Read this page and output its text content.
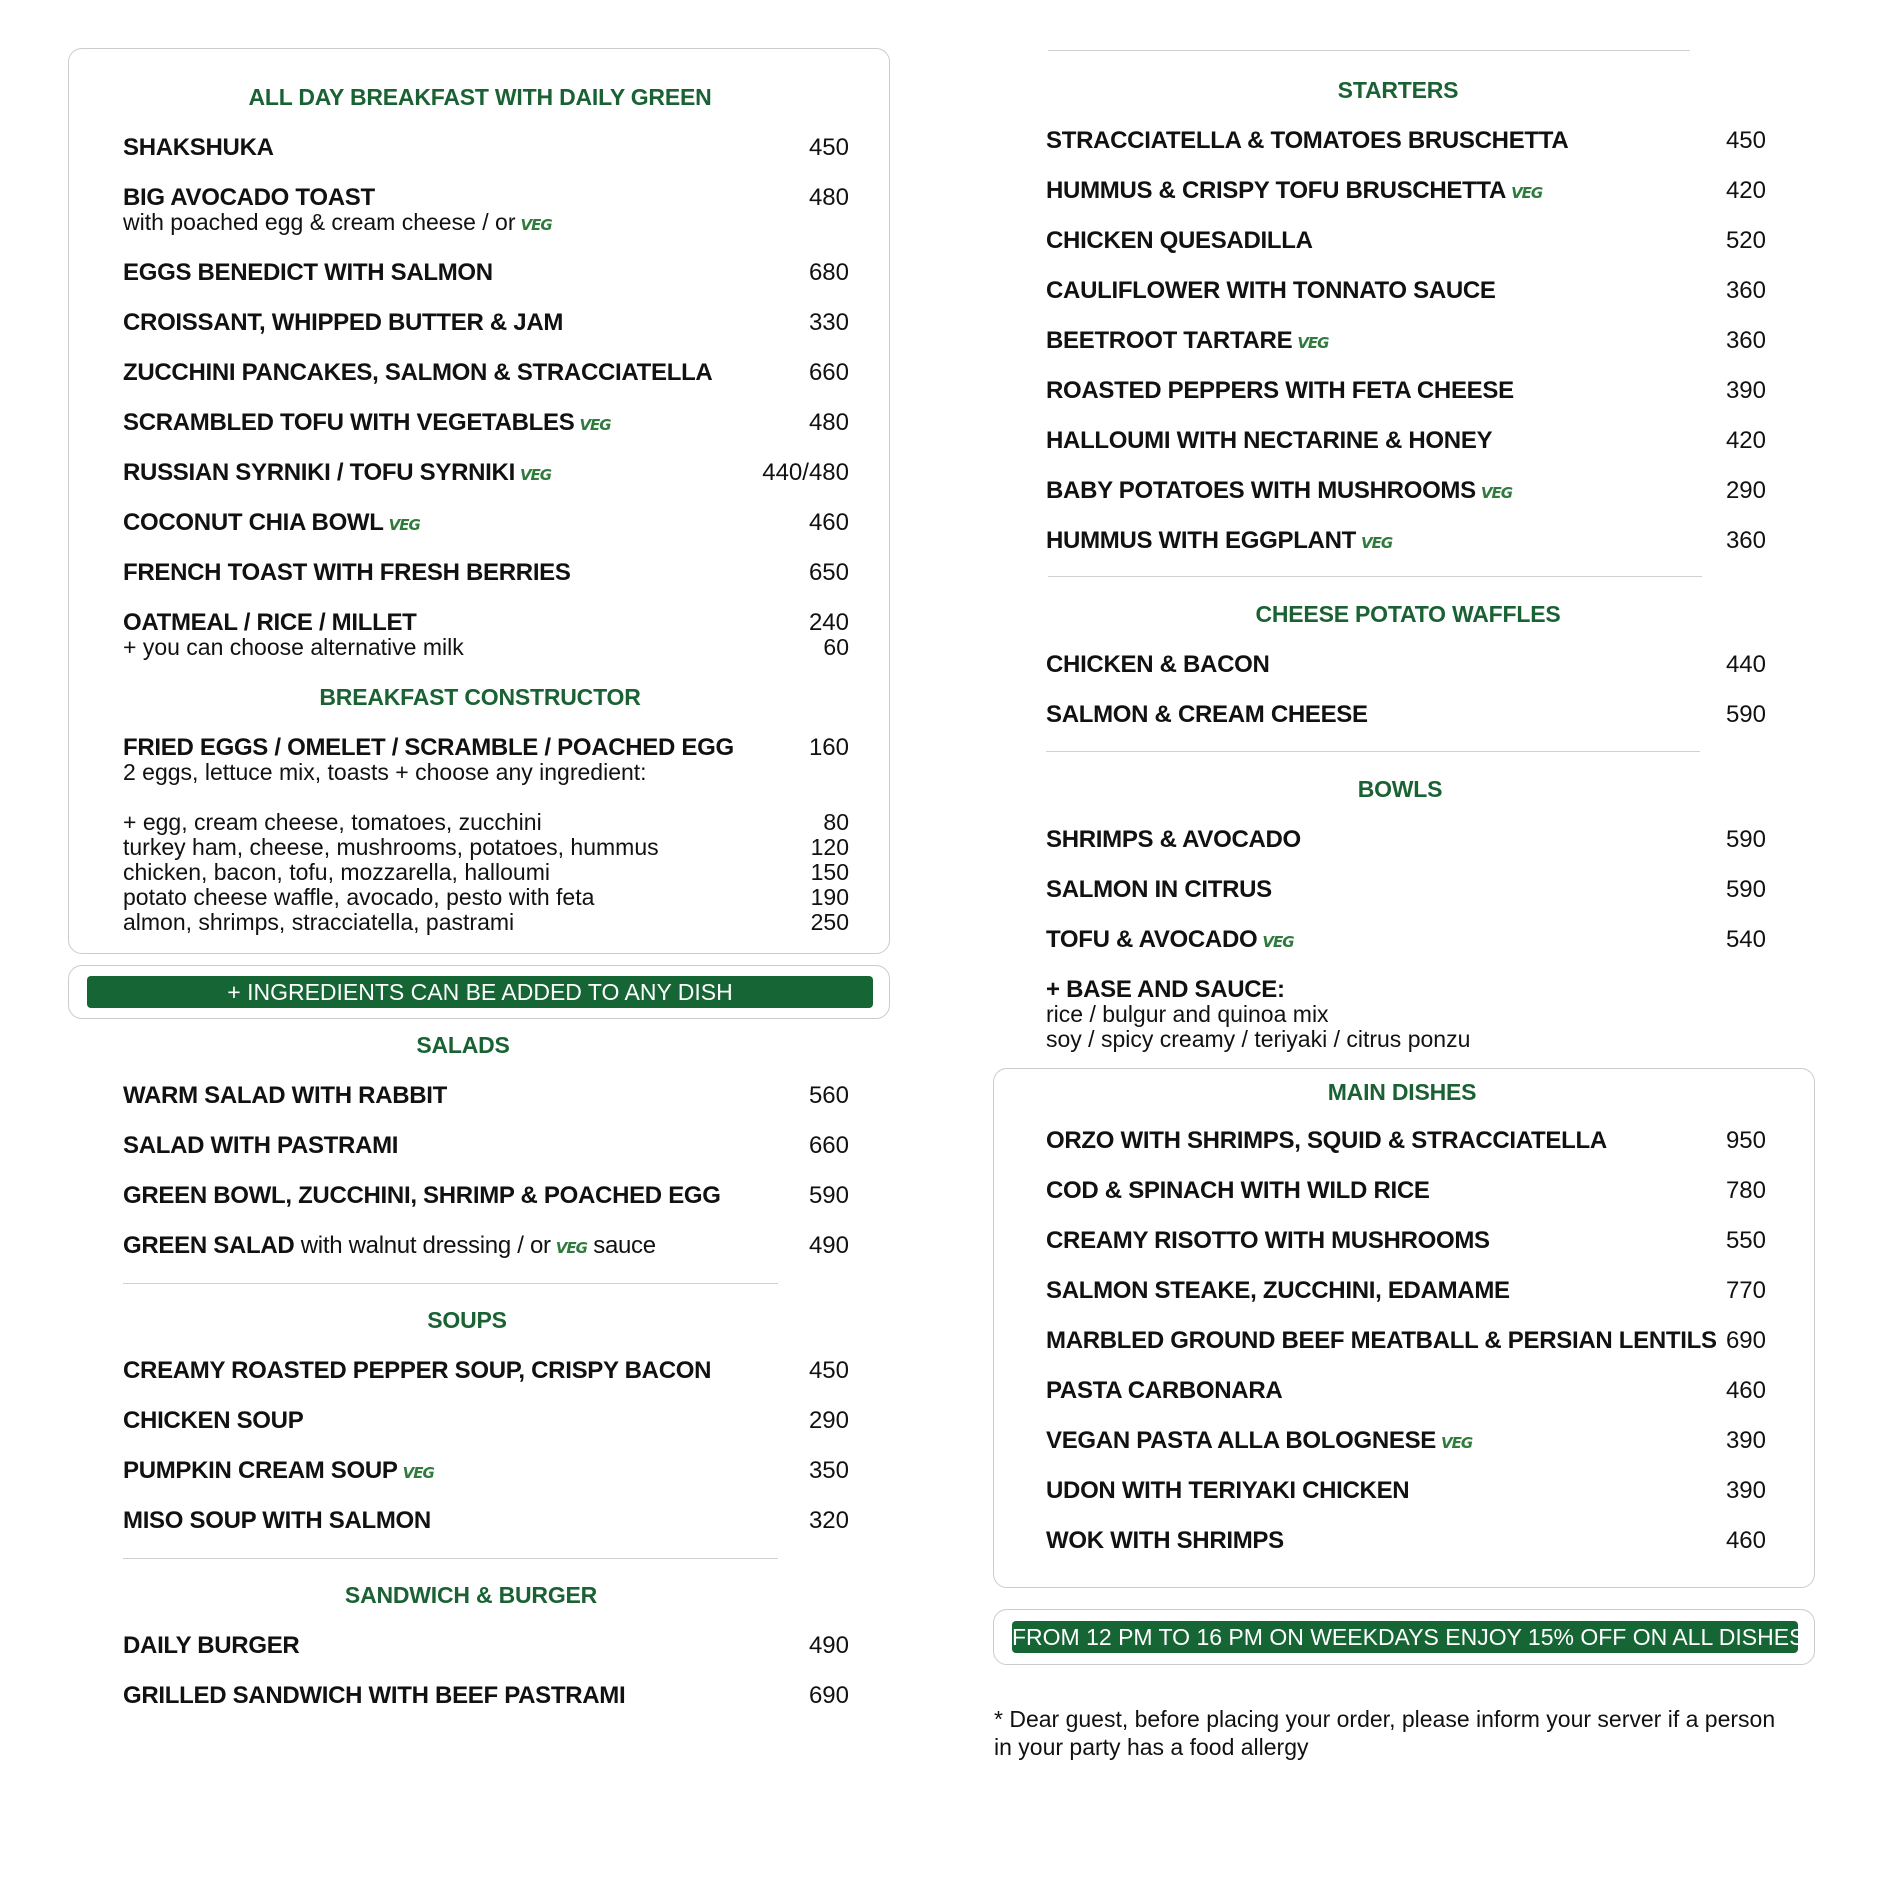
ALL DAY BREAKFAST WITH DAILY GREEN
SHAKSHUKA	450
BIG AVOCADO TOAST	480
with poached egg & cream cheese / or VEG
EGGS BENEDICT WITH SALMON	680
CROISSANT, WHIPPED BUTTER & JAM	330
ZUCCHINI PANCAKES, SALMON & STRACCIATELLA	660
SCRAMBLED TOFU WITH VEGETABLES VEG	480
RUSSIAN SYRNIKI / TOFU SYRNIKI VEG	440/480
COCONUT CHIA BOWL VEG	460
FRENCH TOAST WITH FRESH BERRIES	650
OATMEAL / RICE / MILLET	240
+ you can choose alternative milk	60
BREAKFAST CONSTRUCTOR
FRIED EGGS / OMELET / SCRAMBLE / POACHED EGG	160
2 eggs, lettuce mix, toasts + choose any ingredient:
+ egg, cream cheese, tomatoes, zucchini	80
turkey ham, cheese, mushrooms, potatoes, hummus	120
chicken, bacon, tofu, mozzarella, halloumi	150
potato cheese waffle, avocado, pesto with feta	190
almon, shrimps, stracciatella, pastrami	250
+ INGREDIENTS CAN BE ADDED TO ANY DISH
SALADS
WARM SALAD WITH RABBIT	560
SALAD WITH PASTRAMI	660
GREEN BOWL, ZUCCHINI, SHRIMP & POACHED EGG	590
GREEN SALAD with walnut dressing / or VEG sauce	490
SOUPS
CREAMY ROASTED PEPPER SOUP, CRISPY BACON	450
CHICKEN SOUP	290
PUMPKIN CREAM SOUP VEG	350
MISO SOUP WITH SALMON	320
SANDWICH & BURGER
DAILY BURGER	490
GRILLED SANDWICH WITH BEEF PASTRAMI	690
STARTERS
STRACCIATELLA & TOMATOES BRUSCHETTA	450
HUMMUS & CRISPY TOFU BRUSCHETTA VEG	420
CHICKEN QUESADILLA	520
CAULIFLOWER WITH TONNATO SAUCE	360
BEETROOT TARTARE VEG	360
ROASTED PEPPERS WITH FETA CHEESE	390
HALLOUMI WITH NECTARINE & HONEY	420
BABY POTATOES WITH MUSHROOMS VEG	290
HUMMUS WITH EGGPLANT VEG	360
CHEESE POTATO WAFFLES
CHICKEN & BACON	440
SALMON & CREAM CHEESE	590
BOWLS
SHRIMPS & AVOCADO	590
SALMON IN CITRUS	590
TOFU & AVOCADO VEG	540
+ BASE AND SAUCE:
rice / bulgur and quinoa mix
soy / spicy creamy / teriyaki / citrus ponzu
MAIN DISHES
ORZO WITH SHRIMPS, SQUID & STRACCIATELLA	950
COD & SPINACH WITH WILD RICE	780
CREAMY RISOTTO WITH MUSHROOMS	550
SALMON STEAKE, ZUCCHINI, EDAMAME	770
MARBLED GROUND BEEF MEATBALL & PERSIAN LENTILS 690
PASTA CARBONARA	460
VEGAN PASTA ALLA BOLOGNESE VEG	390
UDON WITH TERIYAKI CHICKEN	390
WOK WITH SHRIMPS	460
FROM 12 PM TO 16 PM ON WEEKDAYS ENJOY 15% OFF ON ALL DISHES
* Dear guest, before placing your order, please inform your server if a person
in your party has a food allergy
